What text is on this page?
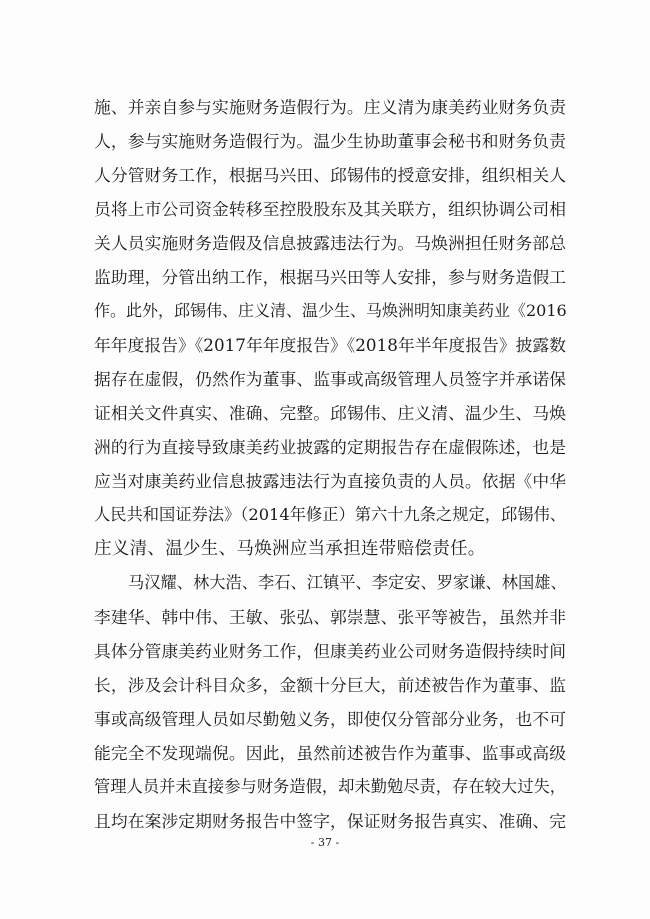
施、并亲自参与实施财务造假行为。庄义清为康美药业财务负责
人，参与实施财务造假行为。温少生协助董事会秘书和财务负责
人分管财务工作，根据马兴田、邱锡伟的授意安排，组织相关人
员将上市公司资金转移至控股股东及其关联方，组织协调公司相
关人员实施财务造假及信息披露违法行为。马焕洲担任财务部总
监助理，分管出纳工作，根据马兴田等人安排，参与财务造假工
作。此外，邱锡伟、庄义清、温少生、马焕洲明知康美药业《2016
年年度报告》《2017年年度报告》《2018年半年度报告》披露数
据存在虚假，仍然作为董事、监事或高级管理人员签字并承诺保
证相关文件真实、准确、完整。邱锡伟、庄义清、温少生、马焕
洲的行为直接导致康美药业披露的定期报告存在虚假陈述，也是
应当对康美药业信息披露违法行为直接负责的人员。依据《中华
人民共和国证券法》（2014年修正）第六十九条之规定，邱锡伟、
庄义清、温少生、马焕洲应当承担连带赔偿责任。
马汉耀、林大浩、李石、江镇平、李定安、罗家谦、林国雄、
李建华、韩中伟、王敏、张弘、郭崇慧、张平等被告，虽然并非
具体分管康美药业财务工作，但康美药业公司财务造假持续时间
长，涉及会计科目众多，金额十分巨大，前述被告作为董事、监
事或高级管理人员如尽勤勉义务，即使仅分管部分业务，也不可
能完全不发现端倪。因此，虽然前述被告作为董事、监事或高级
管理人员并未直接参与财务造假，却未勤勉尽责，存在较大过失，
且均在案涉定期财务报告中签字，保证财务报告真实、准确、完
- 37 -
